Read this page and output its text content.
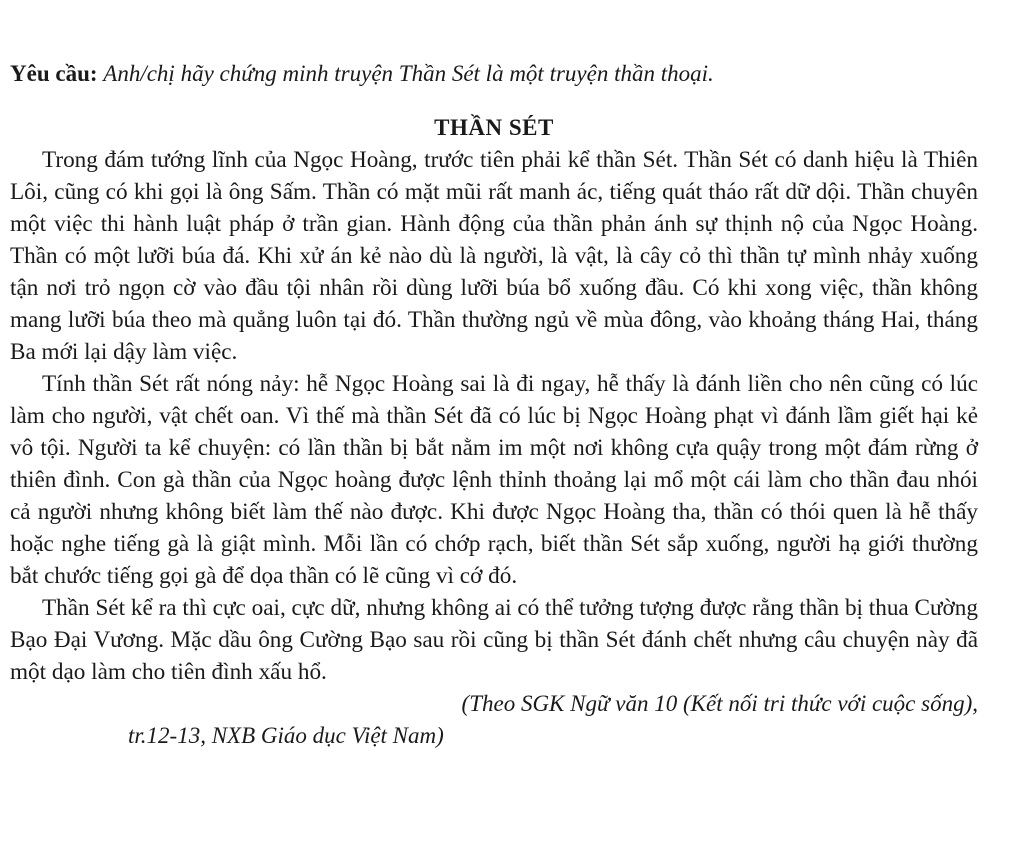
Yêu cầu: Anh/chị hãy chứng minh truyện Thần Sét là một truyện thần thoại.

THẦN SÉT

Trong đám tướng lĩnh của Ngọc Hoàng, trước tiên phải kể thần Sét. Thần Sét có danh hiệu là Thiên Lôi, cũng có khi gọi là ông Sấm. Thần có mặt mũi rất manh ác, tiếng quát tháo rất dữ dội. Thần chuyên một việc thi hành luật pháp ở trần gian. Hành động của thần phản ánh sự thịnh nộ của Ngọc Hoàng. Thần có một lưỡi búa đá. Khi xử án kẻ nào dù là người, là vật, là cây cỏ thì thần tự mình nhảy xuống tận nơi trỏ ngọn cờ vào đầu tội nhân rồi dùng lưỡi búa bổ xuống đầu. Có khi xong việc, thần không mang lưỡi búa theo mà quẳng luôn tại đó. Thần thường ngủ về mùa đông, vào khoảng tháng Hai, tháng Ba mới lại dậy làm việc.

Tính thần Sét rất nóng nảy: hễ Ngọc Hoàng sai là đi ngay, hễ thấy là đánh liền cho nên cũng có lúc làm cho người, vật chết oan. Vì thế mà thần Sét đã có lúc bị Ngọc Hoàng phạt vì đánh lầm giết hại kẻ vô tội. Người ta kể chuyện: có lần thần bị bắt nằm im một nơi không cựa quậy trong một đám rừng ở thiên đình. Con gà thần của Ngọc hoàng được lệnh thỉnh thoảng lại mổ một cái làm cho thần đau nhói cả người nhưng không biết làm thế nào được. Khi được Ngọc Hoàng tha, thần có thói quen là hễ thấy hoặc nghe tiếng gà là giật mình. Mỗi lần có chớp rạch, biết thần Sét sắp xuống, người hạ giới thường bắt chước tiếng gọi gà để dọa thần có lẽ cũng vì cớ đó.

Thần Sét kể ra thì cực oai, cực dữ, nhưng không ai có thể tưởng tượng được rằng thần bị thua Cường Bạo Đại Vương. Mặc dầu ông Cường Bạo sau rồi cũng bị thần Sét đánh chết nhưng câu chuyện này đã một dạo làm cho tiên đình xấu hổ.

(Theo SGK Ngữ văn 10 (Kết nối tri thức với cuộc sống),
tr.12-13, NXB Giáo dục Việt Nam)
